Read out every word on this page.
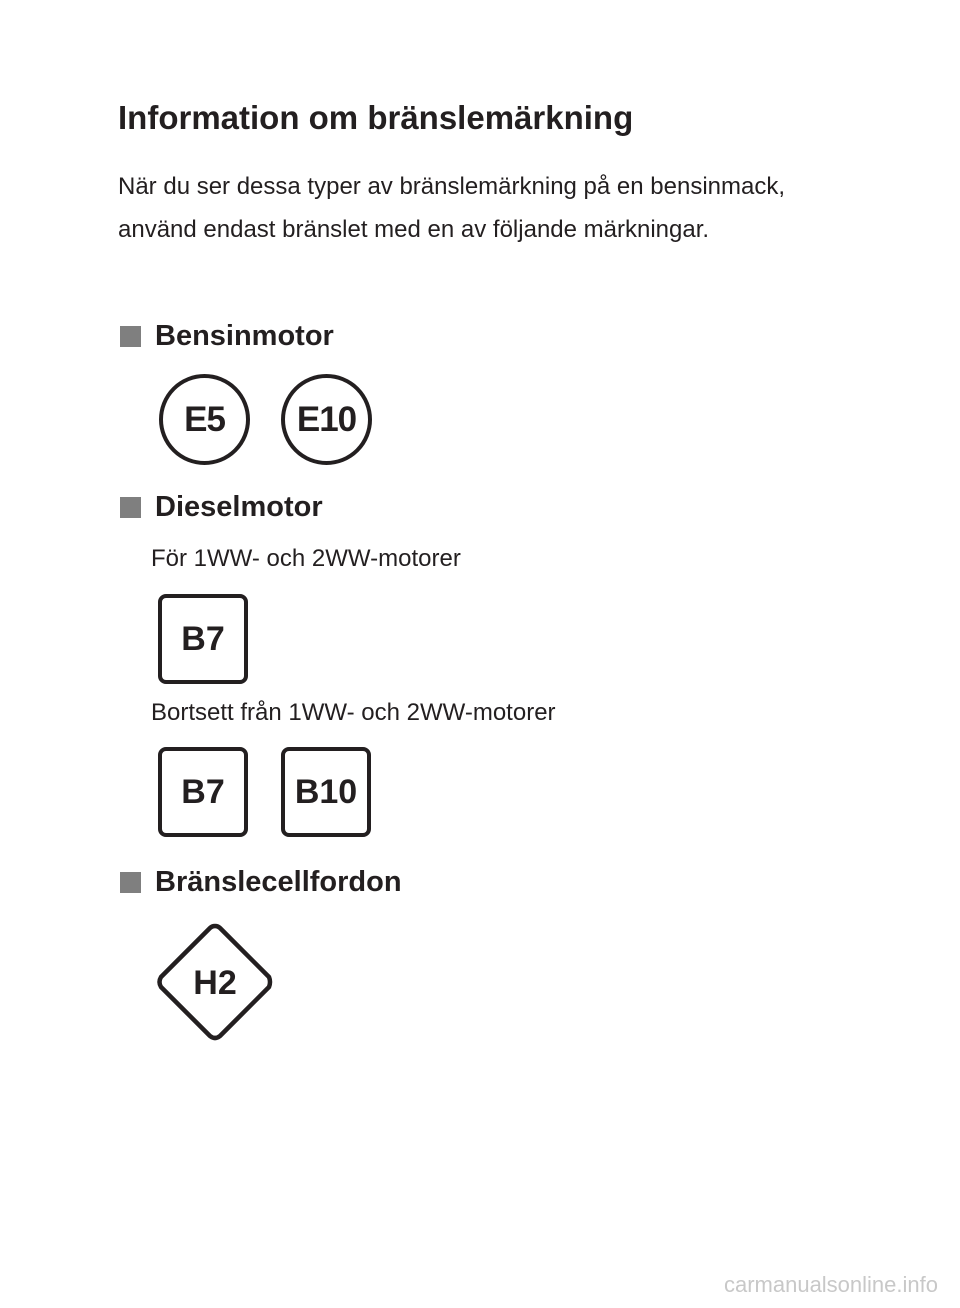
Information om bränslemärkning
När du ser dessa typer av bränslemärkning på en bensinmack, använd endast bränslet med en av följande märkningar.
Bensinmotor
E5 E10
Dieselmotor
För 1WW- och 2WW-motorer
B7
Bortsett från 1WW- och 2WW-motorer
B7 B10
Bränslecellfordon
H2
carmanualsonline.info
